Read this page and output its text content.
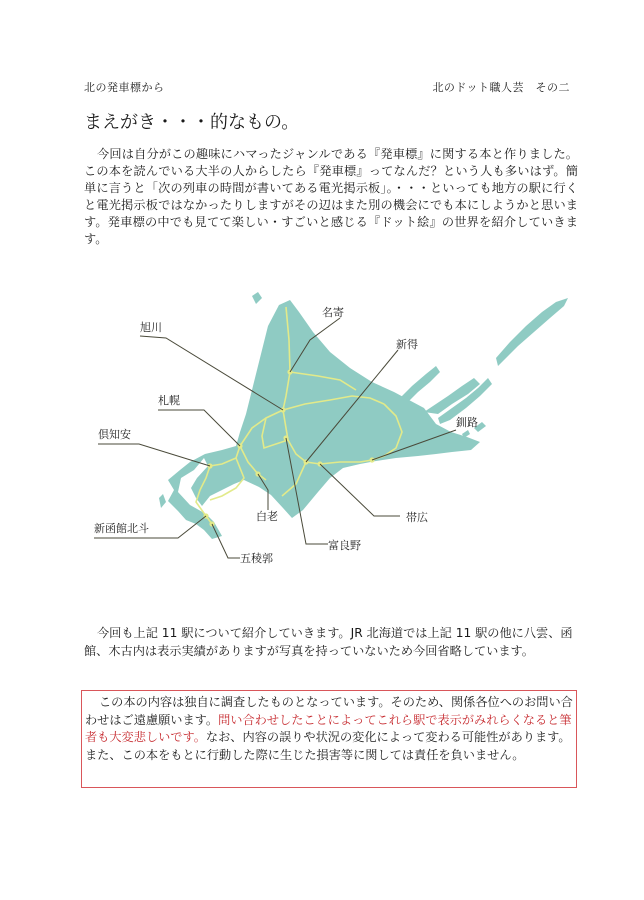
北の発車標から	北のドット職人芸　その二
まえがき・・・的なもの。

今回は自分がこの趣味にハマったジャンルである『発車標』に関する本と作りました。この本を読んでいる大半の人からしたら『発車標』ってなんだ？という人も多いはず。簡単に言うと「次の列車の時間が書いてある電光掲示板」。・・・といっても地方の駅に行くと電光掲示板ではなかったりしますがその辺はまた別の機会にでも本にしようかと思います。発車標の中でも見てて楽しい・すごいと感じる『ドット絵』の世界を紹介していきます。

名寄
旭川
新得
札幌
倶知安
釧路
白老	帯広
新函館北斗
五稜郭
富良野

今回も上記 11 駅について紹介していきます。JR 北海道では上記 11 駅の他に八雲、函館、木古内は表示実績がありますが写真を持っていないため今回省略しています。

この本の内容は独自に調査したものとなっています。そのため、関係各位へのお問い合わせはご遠慮願います。問い合わせしたことによってこれら駅で表示がみれらくなると筆者も大変悲しいです。なお、内容の誤りや状況の変化によって変わる可能性があります。また、この本をもとに行動した際に生じた損害等に関しては責任を負いません。
